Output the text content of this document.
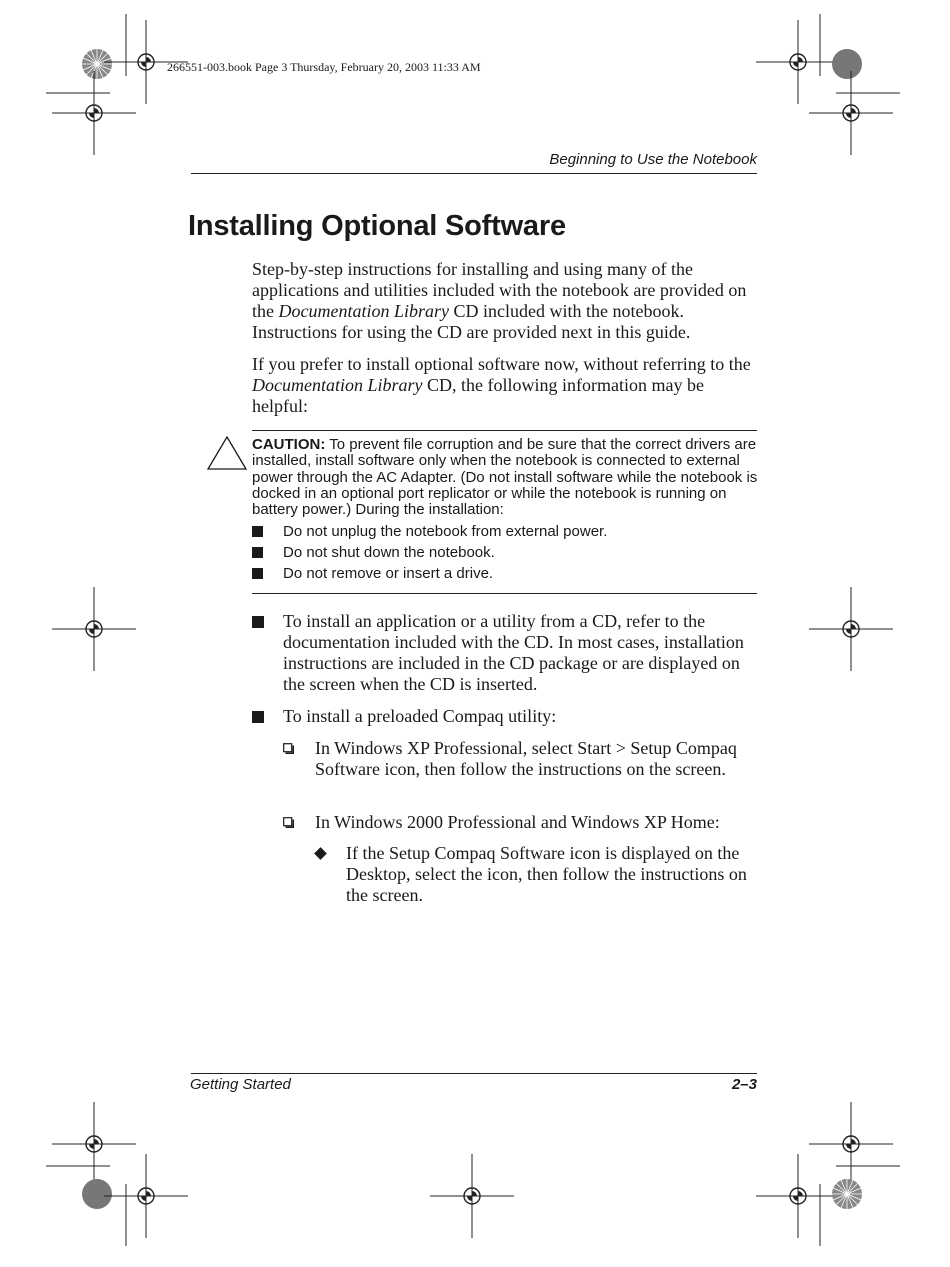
266551-003.book Page 3 Thursday, February 20, 2003 11:33 AM
Beginning to Use the Notebook
Installing Optional Software
Step-by-step instructions for installing and using many of the applications and utilities included with the notebook are provided on the Documentation Library CD included with the notebook. Instructions for using the CD are provided next in this guide.
If you prefer to install optional software now, without referring to the Documentation Library CD, the following information may be helpful:
CAUTION: To prevent file corruption and be sure that the correct drivers are installed, install software only when the notebook is connected to external power through the AC Adapter. (Do not install software while the notebook is docked in an optional port replicator or while the notebook is running on battery power.) During the installation:
Do not unplug the notebook from external power.
Do not shut down the notebook.
Do not remove or insert a drive.
To install an application or a utility from a CD, refer to the documentation included with the CD. In most cases, installation instructions are included in the CD package or are displayed on the screen when the CD is inserted.
To install a preloaded Compaq utility:
In Windows XP Professional, select Start > Setup Compaq Software icon, then follow the instructions on the screen.
In Windows 2000 Professional and Windows XP Home:
If the Setup Compaq Software icon is displayed on the Desktop, select the icon, then follow the instructions on the screen.
Getting Started	2–3
